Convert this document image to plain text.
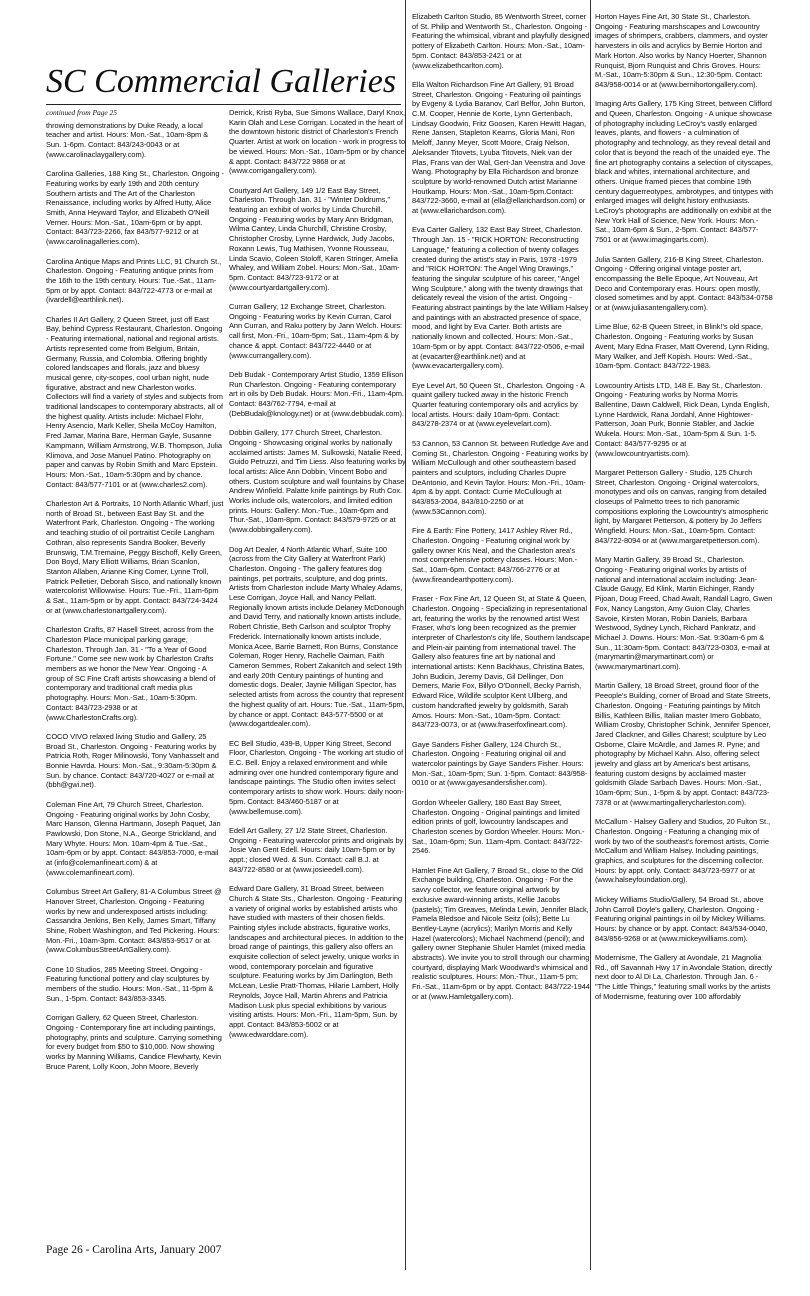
SC Commercial Galleries
continued from Page 25

throwing demonstrations by Duke Ready, a local teacher and artist. Hours: Mon.-Sat., 10am-8pm & Sun. 1-6pm. Contact: 843/243-0043 or at (www.carolinaclaygallery.com).

Carolina Galleries, 188 King St., Charleston. Ongoing - Featuring works by early 19th and 20th century Southern artists and The Art of the Charleston Renaissance, including works by Alfred Hutty, Alice Smith, Anna Heyward Taylor, and Elizabeth O'Neill Verner. Hours: Mon.-Sat., 10am-6pm or by appt. Contact: 843/723-2266, fax 843/577-9212 or at (www.carolinagalleries.com).

Carolina Antique Maps and Prints LLC, 91 Church St., Charleston. Ongoing - Featuring antique prints from the 16th to the 19th century. Hours: Tue.-Sat., 11am-5pm or by appt. Contact: 843/722-4773 or e-mail at (ivardell@earthlink.net).

Charles II Art Gallery, 2 Queen Street, just off East Bay, behind Cypress Restaurant, Charleston. Ongoing - Featuring international, national and regional artists. Artists represented come from Belgium, Britain, Germany, Russia, and Colombia. Offering brightly colored landscapes and florals, jazz and bluesy musical genre, city-scopes, cool urban night, nude figurative, abstract and new Charleston works. Collectors will find a variety of styles and subjects from traditional landscapes to contemporary abstracts, all of the highest quality. Artists include: Michael Flohr, Henry Asencio, Mark Keller, Sheila McCoy Hamilton, Fred Jamar, Marina Bare, Herman Gayle, Susanne Kampmann, William Armstrong, W.B. Thompson, Julia Klimova, and Jose Manuel Patino. Photography on paper and canvas by Robin Smith and Marc Epstein. Hours: Mon.-Sat., 10am-5:30pm and by chance. Contact: 843/577-7101 or at (www.charles2.com).

Charleston Art & Portraits, 10 North Atlantic Wharf, just north of Broad St., between East Bay St. and the Waterfront Park, Charleston. Ongoing - The working and teaching studio of oil portraitist Cecile Langham Cothran, also represents Sandra Booker, Beverly Brunswig, T.M.Tremaine, Peggy Bischoff, Kelly Green, Don Boyd, Mary Elliott Williams, Brian Scanlon, Stanton Allaben, Arianne King Comer, Lynne Troll, Patrick Pelletier, Deborah Sisco, and nationally known watercolorist Willowwise. Hours: Tue.-Fri., 11am-6pm & Sat., 11am-5pm or by appt. Contact: 843/724-3424 or at (www.charlestonartgallery.com).

Charleston Crafts, 87 Hasell Street, across from the Charleston Place municipal parking garage, Charleston. Through Jan. 31 - "To a Year of Good Fortune." Come see new work by Charleston Crafts members as we honor the New Year. Ongoing - A group of SC Fine Craft artists showcasing a blend of contemporary and traditional craft media plus photography. Hours: Mon.-Sat., 10am-5:30pm. Contact: 843/723-2938 or at (www.CharlestonCrafts.org).

COCO VIVO relaxed living Studio and Gallery, 25 Broad St., Charleston. Ongoing - Featuring works by Patricia Roth, Roger Milinowski, Tony Vanhasselt and Bonnie Havrda. Hours: Mon.-Sat., 9:30am-5:30pm & Sun. by chance. Contact: 843/720-4027 or e-mail at (bbh@gwi.net).

Coleman Fine Art, 79 Church Street, Charleston. Ongoing - Featuring original works by John Cosby, Marc Hanson, Glenna Hartmann, Joseph Paquet, Jan Pawlowski, Don Stone, N.A., George Strickland, and Mary Whyte. Hours: Mon. 10am-4pm & Tue.-Sat., 10am-6pm or by appt. Contact: 843/853-7000, e-mail at (info@colemanfineart.com) & at (www.colemanfineart.com).

Columbus Street Art Gallery, 81-A Columbus Street @ Hanover Street, Charleston. Ongoing - Featuring works by new and underexposed artists including: Cassandra Jenkins, Ben Kelly, James Smart, Tiffany Shine, Robert Washington, and Ted Pickering. Hours: Mon.-Fri., 10am-3pm. Contact: 843/853-9517 or at (www.ColumbusStreetArtGallery.com).

Cone 10 Studios, 285 Meeting Street. Ongoing - Featuring functional pottery and clay sculptures by members of the studio. Hours: Mon.-Sat., 11-5pm & Sun., 1-5pm. Contact: 843/853-3345.

Corrigan Gallery, 62 Queen Street, Charleston. Ongoing - Contemporary fine art including paintings, photography, prints and sculpture. Carrying something for every budget from $50 to $10,000. Now showing works by Manning Williams, Candice Flewharty, Kevin Bruce Parent, Lolly Koon, John Moore, Beverly

Derrick, Kristi Ryba, Sue Simons Wallace, Daryl Knox, Karin Olah and Lese Corrigan. Located in the heart of the downtown historic district of Charleston's French Quarter. Artist at work on location - work in progress to be viewed. Hours: Mon.-Sat., 10am-5pm or by chance & appt. Contact: 843/722 9868 or at (www.corrigangallery.com).

Courtyard Art Gallery, 149 1/2 East Bay Street, Charleston. Through Jan. 31 - "Winter Doldrums," featuring an exhibit of works by Linda Churchill. Ongoing - Featuring works by Mary Ann Bridgman, Wilma Cantey, Linda Churchill, Christine Crosby, Christopher Crosby, Lynne Hardwick, Judy Jacobs, Roxann Lewis, Tug Mathisen, Yvonne Rousseau, Linda Scavio, Coleen Stoloff, Karen Stringer, Amelia Whaley, and William Zobel. Hours: Mon.-Sat., 10am-5pm. Contact: 843/723-9172 or at (www.courtyardartgallery.com).

Curran Gallery, 12 Exchange Street, Charleston. Ongoing - Featuring works by Kevin Curran, Carol Ann Curran, and Raku pottery by Jann Welch. Hours: call first, Mon.-Fri., 10am-5pm; Sat., 11am-4pm & by chance & appt. Contact: 843/722-4440 or at (www.currangallery.com).

Deb Budak - Contemporary Artist Studio, 1359 Ellison Run Charleston. Ongoing - Featuring contemporary art in oils by Deb Budak. Hours: Mon.-Fri., 11am-4pm. Contact: 843/762-7794, e-mail at (DebBudak@knology.net) or at (www.debbudak.com).

Dobbin Gallery, 177 Church Street, Charleston. Ongoing - Showcasing original works by nationally acclaimed artists: James M. Sulkowski, Natalie Reed, Guido Petruzzi, and Tim Liess. Also featuring works by local artists: Alice Ann Dobbin, Vincent Bobo and others. Custom sculpture and wall fountains by Chase Andrew Winfield. Palatte knife paintings by Ruth Cox. Works include oils, watercolors, and limited edition prints. Hours: Gallery: Mon.-Tue., 10am-6pm and Thur.-Sat., 10am-8pm. Contact: 843/579-9725 or at (www.dobbingallery.com).

Dog Art Dealer, 4 North Atlantic Wharf, Suite 100 (across from the City Gallery at Waterfront Park) Charleston. Ongoing - The gallery features dog paintings, pet portraits, sculpture, and dog prints. Artists from Charleston include Marty Whaley Adams, Lese Corrigan, Joyce Hall, and Nancy Pellatt. Regionally known artists include Delaney McDonough and David Terry, and nationally known artists include, Robert Christie, Beth Carlson and sculptor Trophy Frederick. Internationally known artists include, Monica Acee, Barrie Barnett, Ron Burns, Constance Coleman, Roger Henry, Rachelle Oaiman, Faith Cameron Semmes, Robert Zakanitch and select 19th and early 20th Century paintings of hunting and domestic dogs. Dealer, Jaynie Milligan Spector, has selected artists from across the country that represent the highest quality of art. Hours: Tue.-Sat., 11am-5pm, by chance or appt. Contact: 843-577-5500 or at (www.dogartdealer.com).

EC Bell Studio, 439-B, Upper King Street, Second Floor, Charleston. Ongoing - The working art studio of E.C. Bell. Enjoy a relaxed environment and while admiring over one hundred contemporary figure and landscape paintings. The Studio often invites select contemporary artists to show work. Hours: daily noon-5pm. Contact: 843/460-5187 or at (www.bellemuse.com).

Edell Art Gallery, 27 1/2 State Street, Charleston. Ongoing - Featuring watercolor prints and originals by Josie Van Gent Edell. Hours: daily 10am-5pm or by appt.; closed Wed. & Sun. Contact: call B.J. at 843/722-8580 or at (www.josieedell.com).

Edward Dare Gallery, 31 Broad Street, between Church & State Sts., Charleston. Ongoing - Featuring a variety of original works by established artists who have studied with masters of their chosen fields. Painting styles include abstracts, figurative works, landscapes and architectural pieces. In addition to the broad range of paintings, this gallery also offers an exquisite collection of select jewelry, unique works in wood, contemporary porcelain and figurative sculpture. Featuring works by Jim Darlington, Beth McLean, Leslie Pratt-Thomas, Hilarie Lambert, Holly Reynolds, Joyce Hall, Martin Ahrens and Patricia Madison Lusk plus special exhibitions by various visiting artists. Hours: Mon.-Fri., 11am-5pm, Sun. by appt. Contact: 843/853-5002 or at (www.edwarddare.com).

Elizabeth Carlton Studio, 85 Wentworth Street, corner of St. Philip and Wentworth St., Charleston. Ongoing - Featuring the whimsical, vibrant and playfully designed pottery of Elizabeth Carlton. Hours: Mon.-Sat., 10am-5pm. Contact: 843/853-2421 or at (www.elizabethcarlton.com).

Ella Walton Richardson Fine Art Gallery, 91 Broad Street, Charleston. Ongoing - Featuring oil paintings by Evgeny & Lydia Baranov, Carl Belfor, John Burton, C.M. Cooper, Hennie de Korte, Lynn Gertenbach, Lindsay Goodwin, Fritz Goosen, Karen Hewitt Hagan, Rene Jansen, Stapleton Kearns, Gloria Mani, Ron Meloff, Janny Meyer, Scott Moore, Craig Nelson, Aleksander Titovets, Lyuba Titovets, Niek van der Plas, Frans van der Wal, Gert-Jan Veenstra and Jove Wang. Photography by Ella Richardson and bronze sculpture by world-renowned Dutch artist Marianne Houtkamp. Hours: Mon.-Sat., 10am-5pm.Contact: 843/722-3660, e-mail at (ella@ellarichardson.com) or at (www.ellarichardson.com).

Eva Carter Gallery, 132 East Bay Street, Charleston. Through Jan. 15 - "RICK HORTON: Reconstructing Language," featuring a collection of twenty collages created during the artist's stay in Paris, 1978 -1979 and "RICK HORTON: The Angel Wing Drawings," featuring the singular sculpture of his career, "Angel Wing Sculpture," along with the twenty drawings that delicately reveal the vision of the artist. Ongoing - Featuring abstract paintings by the late William Halsey and paintings with an abstracted presence of space, mood, and light by Eva Carter. Both artists are nationally known and collected. Hours: Mon.-Sat., 10am-5pm or by appt. Contact: 843/722-0506, e-mail at (evacarter@earthlink.net) and at (www.evacartergallery.com).

Eye Level Art, 50 Queen St., Charleston. Ongoing - A quaint gallery tucked away in the historic French Quarter featuring contemporary oils and acrylics by local artists. Hours: daily 10am-6pm. Contact: 843/278-2374 or at (www.eyelevelart.com).

53 Cannon, 53 Cannon St. between Rutledge Ave and Coming St., Charleston. Ongoing - Featuring works by William McCullough and other southeastern based painters and sculptors, including Charles Dupre DeAntonio, and Kevin Taylor. Hours: Mon.-Fri., 10am-4pm & by appt. Contact: Currie McCullough at 843/853-2004, 843/810-2250 or at (www.53Cannon.com).

Fire & Earth: Fine Pottery, 1417 Ashley River Rd., Charleston. Ongoing - Featuring original work by gallery owner Kris Neal, and the Charleston area's most comprehensive pottery classes. Hours: Mon.-Sat., 10am-6pm. Contact: 843/766-2776 or at (www.fireandearthpottery.com).

Fraser - Fox Fine Art, 12 Queen St, at State & Queen, Charleston. Ongoing - Specializing in representational art, featuring the works by the renowned artist West Fraser, who's long been recognized as the premier interpreter of Charleston's city life, Southern landscape and Plein-air painting from international travel. The Gallery also features fine art by national and international artists: Kenn Backhaus, Christina Bates, John Budicin, Jeremy Davis, Gil Dellinger, Don Demers, Marie Fox, Billyo O'Donnell, Becky Parrish, Edward Rice, Wildlife sculptor Kent Ullberg, and custom handcrafted jewelry by goldsmith, Sarah Amos. Hours: Mon.-Sat., 10am-5pm. Contact: 843/723-0073, or at (www.fraserfoxfineart.com).

Gaye Sanders Fisher Gallery, 124 Church St., Charleston. Ongoing - Featuring original oil and watercolor paintings by Gaye Sanders Fisher. Hours: Mon.-Sat., 10am-5pm; Sun. 1-5pm. Contact: 843/958-0010 or at (www.gayesandersfisher.com).

Gordon Wheeler Gallery, 180 East Bay Street, Charleston. Ongoing - Original paintings and limited edition prints of golf, lowcountry landscapes and Charleston scenes by Gordon Wheeler. Hours: Mon.-Sat., 10am-6pm; Sun. 11am-4pm. Contact: 843/722-2546.

Hamlet Fine Art Gallery, 7 Broad St., close to the Old Exchange building, Charleston. Ongoing - For the savvy collector, we feature original artwork by exclusive award-winning artists, Kellie Jacobs (pastels); Tim Greaves, Melinda Lewin, Jennifer Black, Pamela Bledsoe and Nicole Seitz (oils); Bette Lu Bentley-Layne (acrylics); Marilyn Morris and Kelly Hazel (watercolors); Michael Nachmend (pencil); and gallery owner Stephanie Shuler Hamlet (mixed media abstracts). We invite you to stroll through our charming courtyard, displaying Mark Woodward's whimsical and realistic sculptures. Hours: Mon.-Thur., 11am-5 pm; Fri.-Sat., 11am-6pm or by appt. Contact: 843/722-1944 or at (www.Hamletgallery.com).

Horton Hayes Fine Art, 30 State St., Charleston. Ongoing - Featuring marshscapes and Lowcountry images of shrimpers, crabbers, clammers, and oyster harvesters in oils and acrylics by Bernie Horton and Mark Horton. Also works by Nancy Hoerter, Shannon Runquist, Bjorn Runquist and Chris Groves. Hours: M.-Sat., 10am-5:30pm & Sun., 12:30-5pm. Contact: 843/958-0014 or at (www.bernihortongallery.com).

Imaging Arts Gallery, 175 King Street, between Clifford and Queen, Charleston. Ongoing - A unique showcase of photography including LeCroy's vastly enlarged leaves, plants, and flowers - a culmination of photography and technology, as they reveal detail and color that is beyond the reach of the unaided eye. The fine art photography contains a selection of cityscapes, black and whites, international architecture, and others. Unique framed pieces that combine 19th century daguerreotypes, ambrotypes, and tintypes with enlarged images will delight history enthusiasts. LeCroy's photographs are additionally on exhibit at the New York Hall of Science, New York. Hours: Mon.-Sat., 10am-6pm & Sun., 2-5pm. Contact: 843/577-7501 or at (www.imagingarts.com).

Julia Santen Gallery, 216-B King Street, Charleston. Ongoing - Offering original vintage poster art, encompassing the Belle Epoque, Art Nouveau, Art Deco and Contemporary eras. Hours: open mostly, closed sometimes and by appt. Contact: 843/534-0758 or at (www.juliasantengallery.com).

Lime Blue, 62-B Queen Street, in Blink!'s old space, Charleston. Ongoing - Featuring works by Susan Avent, Mary Edna Fraser, Matt Overend, Lynn Riding, Mary Walker, and Jeff Kopish. Hours: Wed.-Sat., 10am-5pm. Contact: 843/722-1983.

Lowcountry Artists LTD, 148 E. Bay St., Charleston. Ongoing - Featuring works by Norma Morris Ballentine, Dawn Caldwell, Rick Dean, Lynda English, Lynne Hardwick, Rana Jordahl, Anne Hightower-Patterson, Joan Purk, Bonnie Stabler, and Jackie Wukela. Hours: Mon.-Sat., 10am-5pm & Sun. 1-5. Contact: 843/577-9295 or at (www.lowcountryartists.com).

Margaret Petterson Gallery - Studio, 125 Church Street, Charleston. Ongoing - Original watercolors, monotypes and oils on canvas, ranging from detailed closeups of Palmetto trees to rich panoramic compositions exploring the Lowcountry's atmospheric light, by Margaret Petterson, & pottery by Jo Jeffers Wingfield. Hours: Mon.-Sat., 10am-5pm. Contact: 843/722-8094 or at (www.margaretpetterson.com).

Mary Martin Gallery, 39 Broad St., Charleston. Ongoing - Featuring original works by artists of national and international acclaim including: Jean-Claude Gaugy, Ed Klink, Martin Eichinger, Randy Pijoan, Doug Freed, Chad Awalt, Randall Lagro, Gwen Fox, Nancy Langston, Amy Guion Clay, Charles Savoie, Kirsten Moran, Robin Daniels, Barbara Westwood, Sydney Lynch, Richard Pankratz, and Michael J. Downs. Hours: Mon.-Sat. 9:30am-6 pm & Sun., 11:30am-5pm. Contact: 843/723-0303, e-mail at (marymartin@marymartinart.com) or (www.marymartinart.com).

Martin Gallery, 18 Broad Street, ground floor of the Peeople's Building, corner of Broad and State Streets, Charleston. Ongoing - Featuring paintings by Mitch Billis, Kathleen Billis, Italian master Imero Gobbato, William Crosby, Christopher Schink, Jennifer Spencer, Jared Clackner, and Gilles Charest; sculpture by Leo Osborne, Claire McArdle, and James R. Pyne; and photography by Michael Kahn. Also, offering select jewelry and glass art by America's best artisans, featuring custom designs by acclaimed master goldsmith Glade Sarbach Daves. Hours: Mon.-Sat., 10am-6pm; Sun., 1-5pm & by appt. Contact: 843/723-7378 or at (www.martingallerycharleston.com).

McCallum - Halsey Gallery and Studios, 20 Fulton St., Charleston. Ongoing - Featuring a changing mix of work by two of the southeast's foremost artists, Corrie McCallum and William Halsey. Including paintings, graphics, and sculptures for the discerning collector. Hours: by appt. only. Contact: 843/723-5977 or at (www.halseyfoundation.org).

Mickey Williams Studio/Gallery, 54 Broad St., above John Carroll Doyle's gallery, Charleston. Ongoing - Featuring original paintings in oil by Mickey Williams. Hours: by chance or by appt. Contact: 843/534-0040, 843/856-9268 or at (www.mickeywilliams.com).

Modernisme, The Gallery at Avondale, 21 Magnolia Rd., off Savannah Hwy 17 in Avondale Station, directly next door to Al Di La, Charleston. Through Jan. 6 - "The Little Things," featuring small works by the artists of Modernisme, featuring over 100 affordably

Page 26 - Carolina Arts, January 2007
